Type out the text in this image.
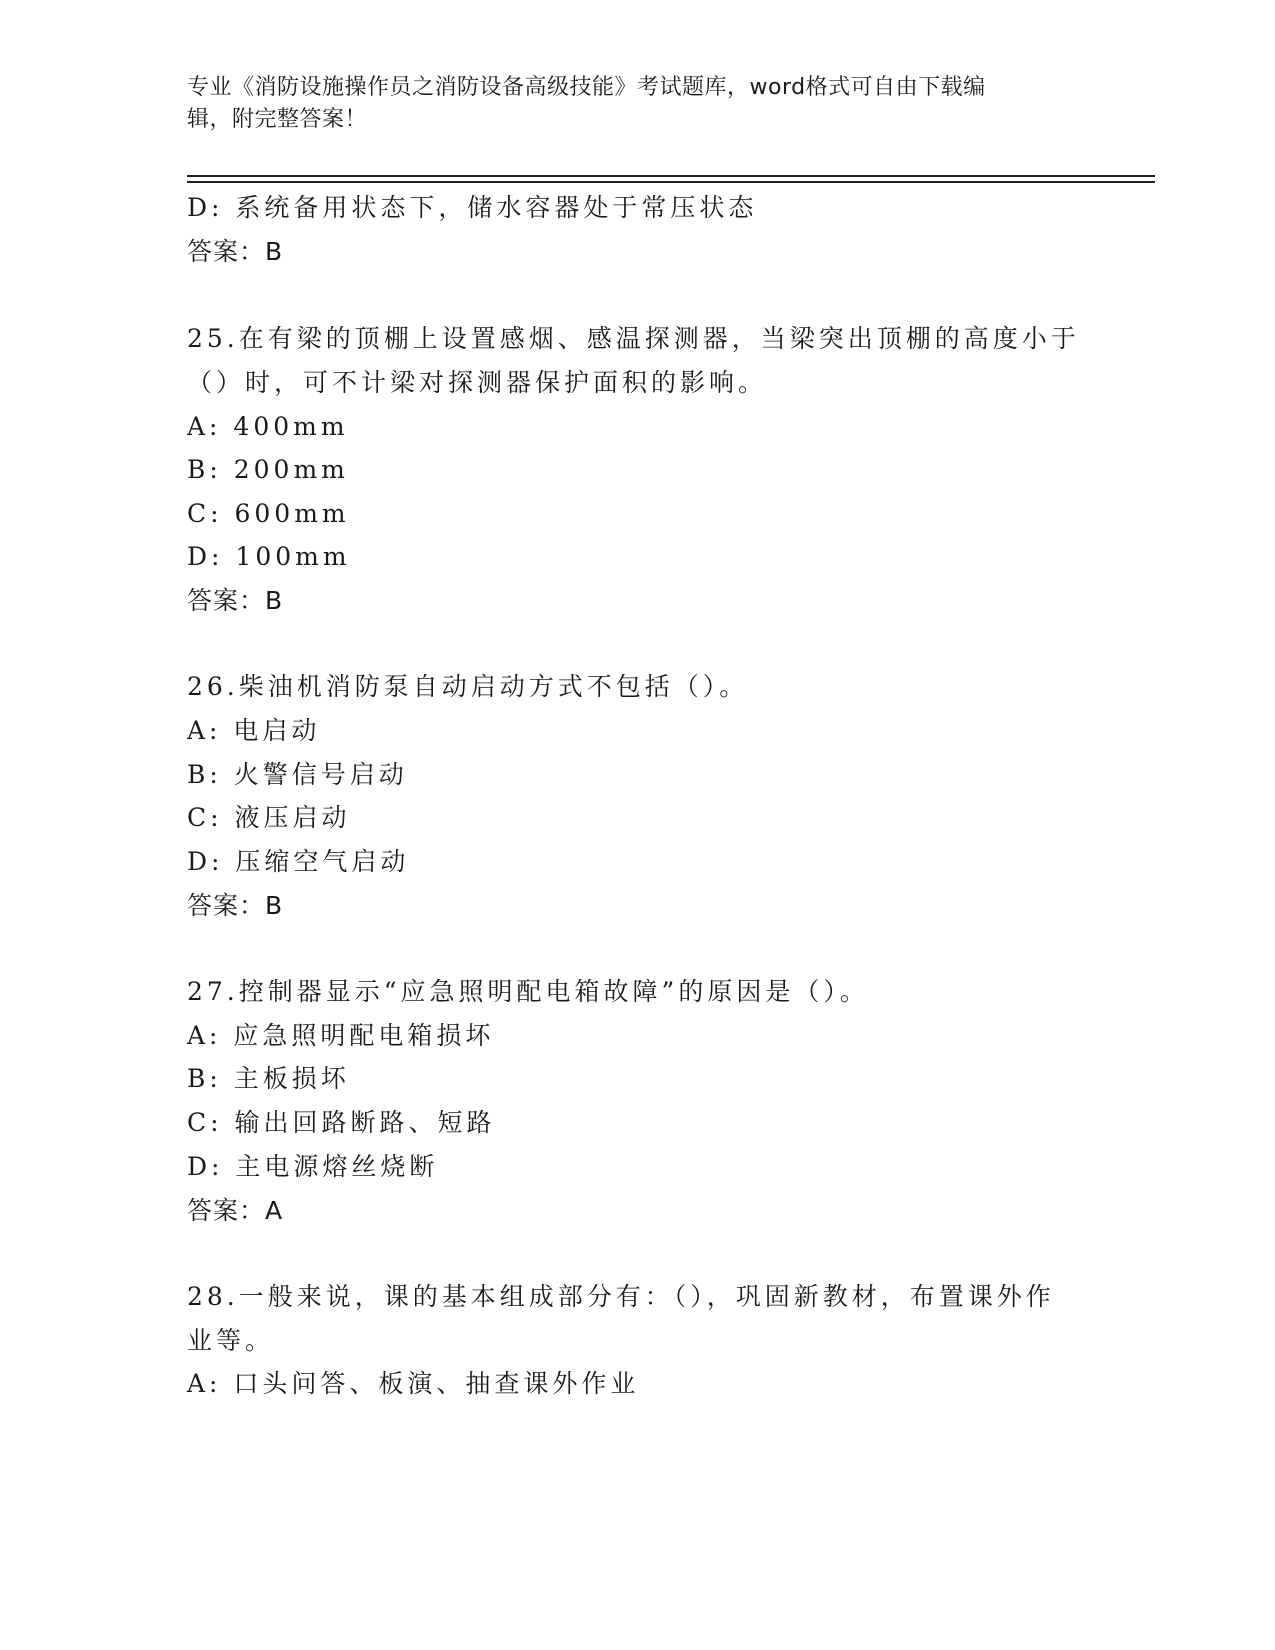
专业《消防设施操作员之消防设备高级技能》考试题库，word格式可自由下载编
辑，附完整答案！
D: 系统备用状态下，储水容器处于常压状态
答案：B
25.在有梁的顶棚上设置感烟、感温探测器，当梁突出顶棚的高度小于
（）时，可不计梁对探测器保护面积的影响。
A: 400mm
B: 200mm
C: 600mm
D: 100mm
答案：B
26.柴油机消防泵自动启动方式不包括（）。
A: 电启动
B: 火警信号启动
C: 液压启动
D: 压缩空气启动
答案：B
27.控制器显示“应急照明配电箱故障”的原因是（）。
A: 应急照明配电箱损坏
B: 主板损坏
C: 输出回路断路、短路
D: 主电源熔丝烧断
答案：A
28.一般来说，课的基本组成部分有：（），巩固新教材，布置课外作
业等。
A: 口头问答、板演、抽查课外作业
